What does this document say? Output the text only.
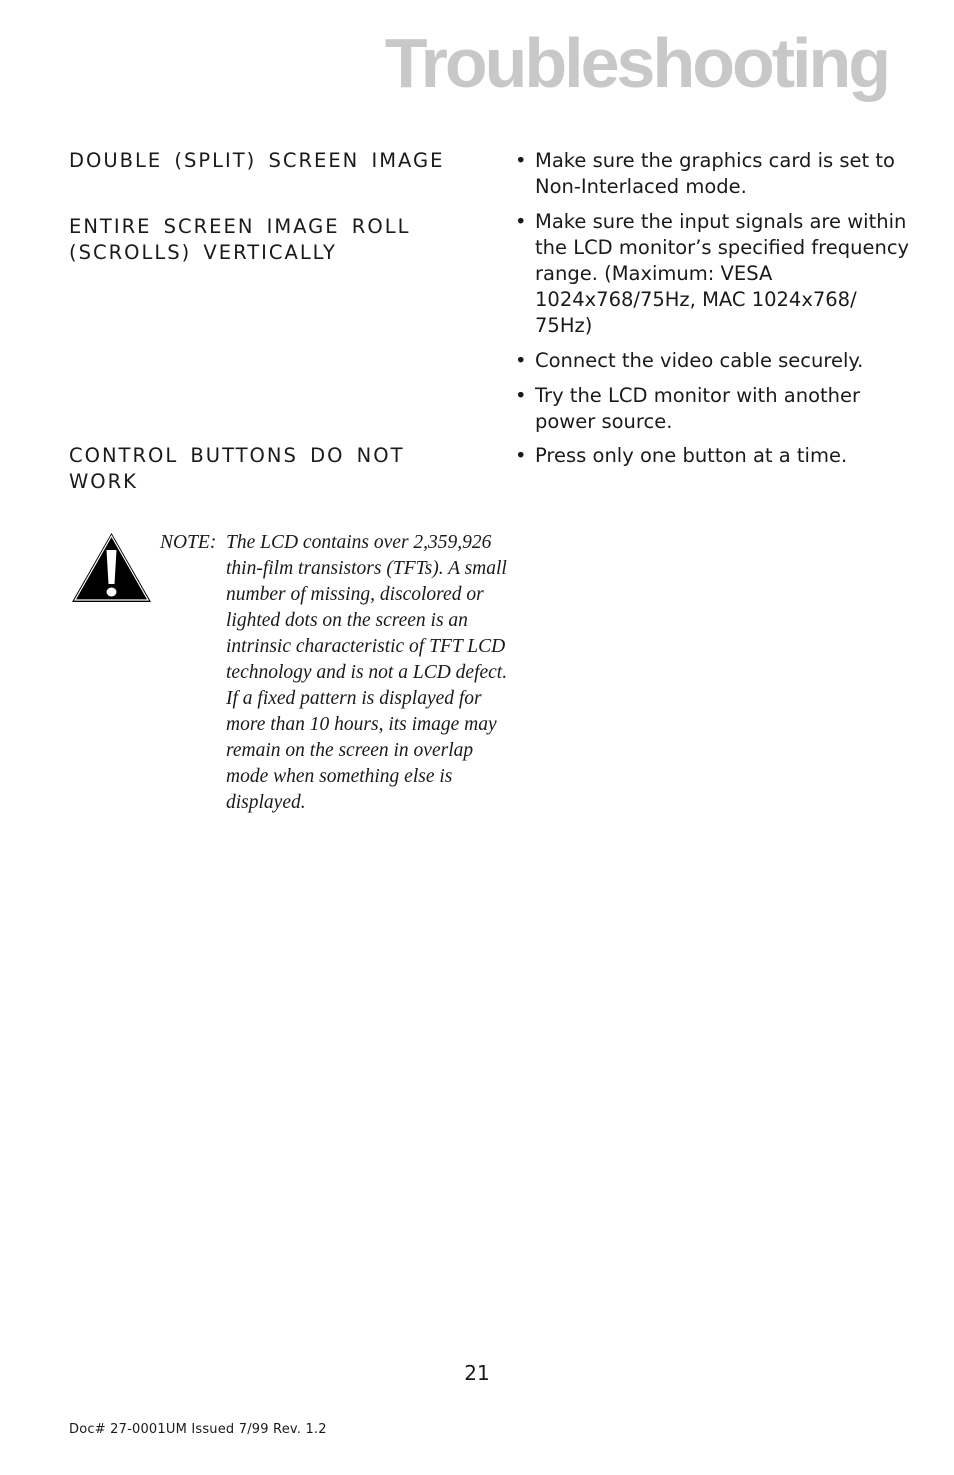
Troubleshooting

DOUBLE (SPLIT) SCREEN IMAGE	• Make sure the graphics card is set to Non-Interlaced mode.

ENTIRE SCREEN IMAGE ROLL (SCROLLS) VERTICALLY

• Make sure the input signals are within the LCD monitor’s specified frequency range. (Maximum: VESA 1024x768/75Hz, MAC 1024x768/ 75Hz)

• Connect the video cable securely.

• Try the LCD monitor with another power source.

CONTROL BUTTONS DO NOT WORK

• Press only one button at a time.

NOTE: The LCD contains over 2,359,926 thin-film transistors (TFTs). A small number of missing, discolored or lighted dots on the screen is an intrinsic characteristic of TFT LCD technology and is not a LCD defect. If a fixed pattern is displayed for more than 10 hours, its image may remain on the screen in overlap mode when something else is displayed.

21

Doc# 27-0001UM Issued 7/99 Rev. 1.2
